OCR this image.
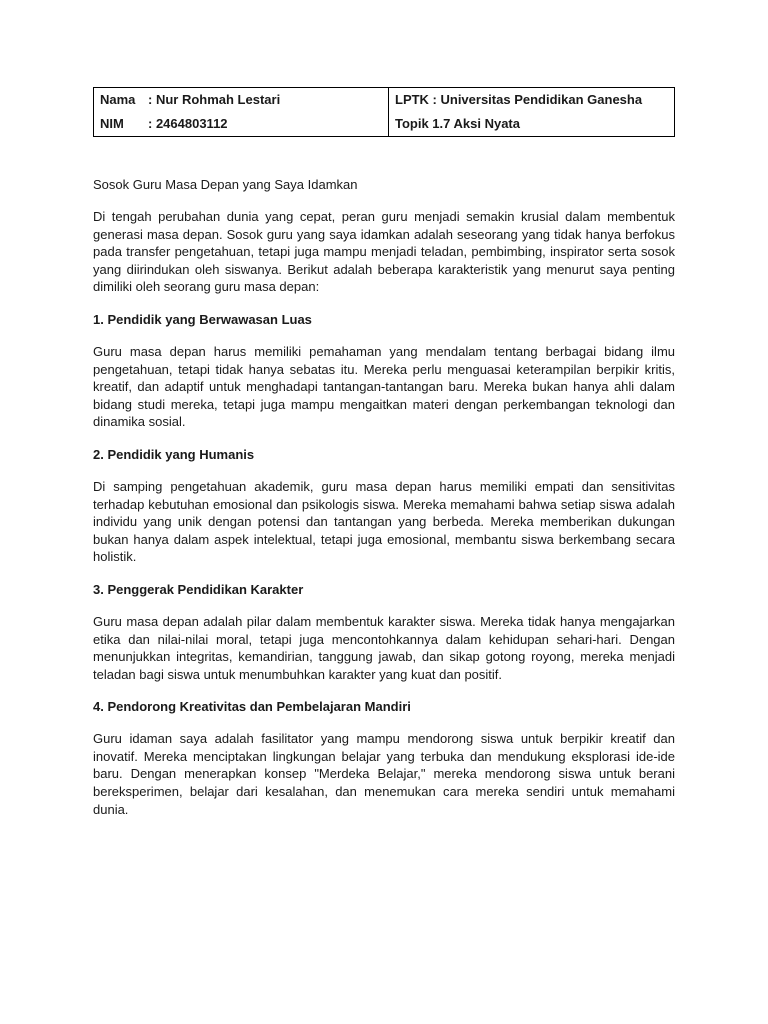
Nama : Nur Rohmah Lestari	LPTK : Universitas Pendidikan Ganesha
NIM : 2464803112	Topik 1.7 Aksi Nyata
Sosok Guru Masa Depan yang Saya Idamkan

Di tengah perubahan dunia yang cepat, peran guru menjadi semakin krusial dalam membentuk generasi masa depan. Sosok guru yang saya idamkan adalah seseorang yang tidak hanya berfokus pada transfer pengetahuan, tetapi juga mampu menjadi teladan, pembimbing, inspirator serta sosok yang diirindukan oleh siswanya. Berikut adalah beberapa karakteristik yang menurut saya penting dimiliki oleh seorang guru masa depan:

1. Pendidik yang Berwawasan Luas

Guru masa depan harus memiliki pemahaman yang mendalam tentang berbagai bidang ilmu pengetahuan, tetapi tidak hanya sebatas itu. Mereka perlu menguasai keterampilan berpikir kritis, kreatif, dan adaptif untuk menghadapi tantangan-tantangan baru. Mereka bukan hanya ahli dalam bidang studi mereka, tetapi juga mampu mengaitkan materi dengan perkembangan teknologi dan dinamika sosial.

2. Pendidik yang Humanis

Di samping pengetahuan akademik, guru masa depan harus memiliki empati dan sensitivitas terhadap kebutuhan emosional dan psikologis siswa. Mereka memahami bahwa setiap siswa adalah individu yang unik dengan potensi dan tantangan yang berbeda. Mereka memberikan dukungan bukan hanya dalam aspek intelektual, tetapi juga emosional, membantu siswa berkembang secara holistik.

3. Penggerak Pendidikan Karakter

Guru masa depan adalah pilar dalam membentuk karakter siswa. Mereka tidak hanya mengajarkan etika dan nilai-nilai moral, tetapi juga mencontohkannya dalam kehidupan sehari-hari. Dengan menunjukkan integritas, kemandirian, tanggung jawab, dan sikap gotong royong, mereka menjadi teladan bagi siswa untuk menumbuhkan karakter yang kuat dan positif.

4. Pendorong Kreativitas dan Pembelajaran Mandiri

Guru idaman saya adalah fasilitator yang mampu mendorong siswa untuk berpikir kreatif dan inovatif. Mereka menciptakan lingkungan belajar yang terbuka dan mendukung eksplorasi ide-ide baru. Dengan menerapkan konsep "Merdeka Belajar," mereka mendorong siswa untuk berani bereksperimen, belajar dari kesalahan, dan menemukan cara mereka sendiri untuk memahami dunia.
